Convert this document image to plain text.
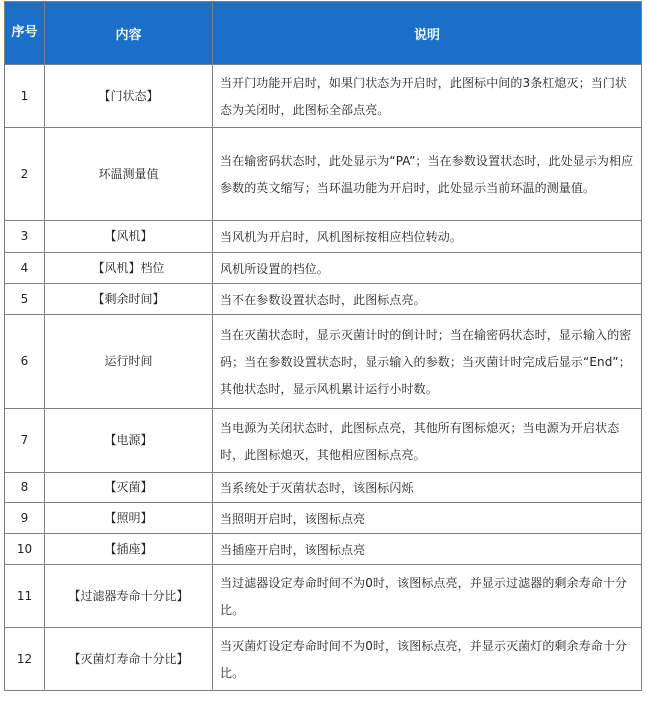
序号	内容	说明
1	【门状态】	当开门功能开启时，如果门状态为开启时，此图标中间的3条杠熄灭；当门状态为关闭时，此图标全部点亮。
2	环温测量值	当在输密码状态时，此处显示为“PA”；当在参数设置状态时，此处显示为相应参数的英文缩写；当环温功能为开启时，此处显示当前环温的测量值。
3	【风机】	当风机为开启时，风机图标按相应档位转动。
4	【风机】档位	风机所设置的档位。
5	【剩余时间】	当不在参数设置状态时，此图标点亮。
6	运行时间	当在灭菌状态时，显示灭菌计时的倒计时；当在输密码状态时，显示输入的密码；当在参数设置状态时，显示输入的参数；当灭菌计时完成后显示“End”；其他状态时，显示风机累计运行小时数。
7	【电源】	当电源为关闭状态时，此图标点亮，其他所有图标熄灭；当电源为开启状态时，此图标熄灭，其他相应图标点亮。
8	【灭菌】	当系统处于灭菌状态时，该图标闪烁
9	【照明】	当照明开启时，该图标点亮
10	【插座】	当插座开启时，该图标点亮
11	【过滤器寿命十分比】	当过滤器设定寿命时间不为0时，该图标点亮，并显示过滤器的剩余寿命十分比。
12	【灭菌灯寿命十分比】	当灭菌灯设定寿命时间不为0时，该图标点亮，并显示灭菌灯的剩余寿命十分比。
